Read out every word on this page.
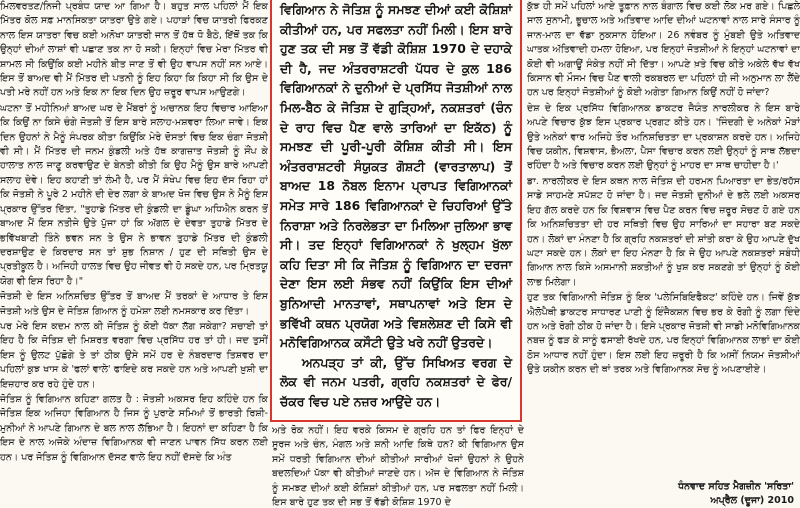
ਮਿਲਵਰਤਣ/ਨਿਜੀ ਪ੍ਰਬੰਧ ਯਾਦ ਆ ਗਿਆ ਹੈ। ਬਹੁਤ ਸਾਲ ਪਹਿਲਾਂ ਮੈਂ ਇਕ ਮਿੱਤਰ ਕੋਲ ਸਫ਼ ਮਾਨਸਿਕਤਾ ਯਾਤਰਾ ਉਤੇ ਗਏ। ਪਹਾੜਾਂ ਵਿਚ ਯਾਤਰੀ ਫਿਰਕਣ ਨਾਲ ਇਸ ਯਾਤਰਾ ਵਿਚ ਕਈ ਅਨੋਖਾ ਯਾਤਰੀ ਜਾਨ ਤੋਂ ਹੱਥ ਧੋ ਬੈਠੇ, ਇੱਥੋਂ ਤਕ ਕਿ ਉਨ੍ਹਾਂ ਦੀਆਂ ਲਾਸ਼ਾਂ ਵੀ ਪਛਾਣ ਤਕ ਨਾ ਹੋ ਸਕੀ। ਇਨ੍ਹਾਂ ਵਿਚ ਮੇਰਾ ਮਿੱਤਰ ਵੀ ਸ਼ਾਮਲ ਸੀ ਕਿਉਂਕਿ ਕਈ ਮਹੀਨੇ ਬੀਤ ਜਾਣ ਤੋਂ ਵੀ ਉਹ ਵਾਪਸ ਨਹੀਂ ਸਨ ਆਏ। ਇਸ ਤੋਂ ਬਾਅਦ ਵੀ ਮੈਂ ਮਿੱਤਰ ਦੀ ਪਤਨੀ ਨੂੰ ਇਹ ਕਿਹਾ ਕਿ ਕਿਹਾ ਸੀ ਕਿ ਉਸ ਦੇ ਪਤੀ ਮਰੇ ਨਹੀਂ ਹਨ ਅਤੇ ਇਕ ਨਾ ਇਕ ਦਿਨ ਉਹ ਜ਼ਰੂਰ ਵਾਪਸ ਆਉਣਗੇ।

ਘਟਨਾ ਤੋਂ ਮਹੀਨਿਆਂ ਬਾਅਦ ਘਰ ਦੇ ਮੈਂਬਰਾਂ ਨੂੰ ਅਚਾਨਕ ਇਹ ਵਿਚਾਰ ਆਇਆ ਕਿ ਕਿਉਂ ਨਾ ਕਿਸੇ ਚੰਗੇ ਜੋਤਸ਼ੀ ਤੋਂ ਇਸ ਬਾਰੇ ਸਲਾਹ-ਮਸ਼ਵਰਾ ਲਿਆ ਜਾਵੇ। ਇਕ ਦਿਨ ਉਹਨਾਂ ਨੇ ਮੈਨੂੰ ਸੰਪਰਕ ਕੀਤਾ ਕਿਉਂਕਿ ਮੇਰੇ ਦੋਸਤਾਂ ਵਿਚ ਇਕ ਚੰਗਾ ਜੋਤਸ਼ੀ ਵੀ ਸੀ। ਮੈਂ ਮਿੱਤਰ ਦੀ ਜਨਮ ਕੁੰਡਲੀ ਅਤੇ ਹੱਥ ਕਾਗਜ਼ਾਤ ਜੋਤਸ਼ੀ ਨੂੰ ਸੌਂਪ ਕੇ ਹਾਲਾਤ ਨਾਲ ਜਾਣੂ ਕਰਵਾਉਣ ਦੇ ਬੇਨਤੀ ਕੀਤੀ ਕਿ ਉਹ ਮੈਨੂੰ ਉਸ ਬਾਰੇ ਆਪਣੀ ਸਲਾਹ ਦੇਵੇ। ਇਹ ਕਹਾਣੀ ਤਾਂ ਲੰਮੀ ਹੈ, ਪਰ ਮੈਂ ਸੰਖੇਪ ਵਿਚ ਇਹ ਦੱਸ ਰਿਹਾ ਹਾਂ ਕਿ ਜੋਤਸ਼ੀ ਨੇ ਪੂਰੇ 2 ਮਹੀਨੇ ਦੀ ਦੇਰ ਲਗਾ ਕੇ ਬਾਅਦ ਖੋਜ ਵਿਚ ਉਸ ਨੇ ਮੈਨੂੰ ਇਸ ਪ੍ਰਕਾਰ ਉੱਤਰ ਦਿੱਤਾ, "ਤੁਹਾਡੇ ਮਿੱਤਰ ਦੀ ਕੁੰਡਲੀ ਦਾ ਡੂੰਘਾ ਅਧਿਐਨ ਕਰਨ ਤੋਂ ਬਾਅਦ ਮੈਂ ਇਸ ਨਤੀਜੇ ਉਤੇ ਪੁੱਜਾ ਹਾਂ ਕਿ ਅੱਗਲ ਦੇ ਦੇਵਤਾ ਤੁਹਾਡੇ ਮਿੱਤਰ ਦੇ ਭਵਿੱਖਬਾਣੀ ਤਿੰਨੇ ਭਵਨ ਸਨ ਤੇ ਉਸ ਨੇ ਭਾਵਨ ਤੁਹਾਡੇ ਮਿੱਤਰ ਦੀ ਕੁੰਡਲੀ ਦਰਸ਼ਾਉਣ ਦੇ ਕਿਰਦਾਰ ਸਨ ਤਾਂ ਸ਼ੁਭ ਨਿਸ਼ਾਨ / ਹੁਣ ਦੀ ਸਥਿਤੀ ਉਸ ਦੇ ਪ੍ਰਤੀਕੂਲ ਹੈ। ਅਜਿਹੀ ਹਾਲਤ ਵਿਚ ਉਹ ਜੀਵਤ ਵੀ ਹੋ ਸਕਦੇ ਹਨ, ਪਰ ਮ੍ਰਿਤਯੂ ਯੋਗ ਵੀ ਇਸ ਰਿਹਾ ਹੈ।"

ਜੋਤਸ਼ੀ ਦੇ ਇਸ ਅਨਿਸ਼ਚਿਤ ਉੱਤਰ ਤੋਂ ਬਾਅਦ ਮੈਂ ਤਰਕਾਂ ਦੇ ਆਧਾਰ ਤੇ ਇਸ ਜੋਤਸ਼ੀ ਅਤੇ ਉਸ ਦੇ ਜੋਤਿਸ਼ ਗਿਆਨ ਨੂੰ ਹਮੇਸ਼ਾ ਲਈ ਨਮਸਕਾਰ ਕਰ ਦਿੱਤਾ।

ਪਰ ਮੇਰੇ ਇਸ ਕਦਮ ਨਾਲ ਕੀ ਜੋਤਿਸ਼ ਨੂੰ ਕੋਈ ਧੱਕਾ ਲੱਗ ਸਕੇਗਾ? ਸਚਾਈ ਤਾਂ ਇਹ ਹੈ ਕਿ ਜੋਤਿਸ਼ ਦੀ ਮਿਸ਼ਰਤ ਵਰਗਾ ਵਿਚ ਪ੍ਰਸਿੱਧ ਹਰ ਤਾਂ ਹੀ। ਜਦ ਤੁਸੀਂ ਇਸ ਨੂੰ ਉਲਟ ਪੁੱਛੋਗੇ ਤੇ ਤਾਂ ਠੀਕ ਉਸੇ ਸਮੇਂ ਹਰ ਦੇ ਨੰਬਰਦਾਰ ਤਿਸ਼ਵਰ ਦਾ ਪਹਿਲਾਂ ਕੁਝ ਖਾਸ ਕੇ 'ਫਲਾਂ ਵਾਲੇ' ਫਾਇਦੇ ਕਰ ਸਕਦੇ ਹਨ ਅਤੇ ਆਪਣੀ ਖ਼ੁਸ਼ੀ ਦਾ ਇਜ਼ਹਾਰ ਕਰ ਰਹੇ ਹੁੰਦੇ ਹਨ।

ਜੋਤਿਸ਼ ਨੂੰ ਵਿਗਿਆਨ ਕਹਿਣਾ ਗਲਤ ਹੈ : ਜੋਤਸ਼ੀ ਅਕਸਰ ਇਹ ਕਹਿੰਦੇ ਹਨ ਕਿ ਜੋਤਿਸ਼ ਇਕ ਅਜਿਹਾ ਵਿਗਿਆਨ ਹੈ ਜਿਸ ਨੂੰ ਪੁਰਾਣੇ ਸਮਿਆਂ ਤੋਂ ਭਾਰਤੀ ਰਿਸ਼ੀ-ਮੁਨੀਆਂ ਨੇ ਆਪਣੇ ਗਿਆਨ ਦੇ ਬਲ ਨਾਲ ਲੱਭਿਆ ਹੈ। ਇਹਨਾਂ ਦਾ ਕਹਿਣਾ ਹੈ ਕਿ ਇਸ ਦੇ ਨਾਲ ਅਜੋਕੇ ਅੰਦਾਜ਼ ਵਿਗਿਆਨਕ ਵੀ ਜਾਣਨ ਪਾਵਨ ਸਿੱਧ ਕਰਨ ਲਈ ਹਨ। ਪਰ ਜੋਤਿਸ਼ ਨੂੰ ਵਿਗਿਆਨ ਦੱਸਣ ਵਾਲੇ ਇਹ ਨਹੀਂ ਦੱਸਦੇ ਕਿ ਅੰਤ

ਵਿਗਿਆਨ ਨੇ ਜੋਤਿਸ਼ ਨੂੰ ਸਮਝਣ ਦੀਆਂ ਕਈ ਕੋਸ਼ਿਸ਼ਾਂ ਕੀਤੀਆਂ ਹਨ, ਪਰ ਸਫਲਤਾ ਨਹੀਂ ਮਿਲੀ। ਇਸ ਬਾਰੇ ਹੁਣ ਤਕ ਦੀ ਸਭ ਤੋਂ ਵੱਡੀ ਕੋਸ਼ਿਸ਼ 1970 ਦੇ ਦਹਾਕੇ ਦੀ ਹੈ, ਜਦ ਅੰਤਰਰਾਸ਼ਟਰੀ ਪੱਧਰ ਦੇ ਕੁਲ 186 ਵਿਗਿਆਨਕਾਂ ਨੇ ਦੁਨੀਆਂ ਦੇ ਪ੍ਰਸਿੱਧ ਜੋਤਸ਼ੀਆਂ ਨਾਲ ਮਿਲ-ਬੈਠ ਕੇ ਜੋਤਿਸ਼ ਦੇ ਗੁੜ੍ਹਿਆਂ, ਨਕਸ਼ਤਰਾਂ (ਚੰਨ ਦੇ ਰਾਹ ਵਿਚ ਪੈਣ ਵਾਲੇ ਤਾਰਿਆਂ ਦਾ ਇਕੱਠ) ਨੂੰ ਸਮਝਣ ਦੀ ਪੂਰੀ-ਪੂਰੀ ਕੋਸ਼ਿਸ਼ ਕੀਤੀ ਸੀ। ਇਸ ਅੰਤਰਰਾਸ਼ਟਰੀ ਸੰਯੁਕਤ ਗੋਸ਼ਟੀ (ਵਾਰਤਾਲਾਪ) ਤੋਂ ਬਾਅਦ 18 ਨੋਬਲ ਇਨਾਮ ਪ੍ਰਾਪਤ ਵਿਗਿਆਨਕਾਂ ਸਮੇਤ ਸਾਰੇ 186 ਵਿਗਿਆਨਕਾਂ ਦੇ ਚਿਹਰਿਆਂ ਉੱਤੇ ਨਿਰਾਸ਼ਾ ਅਤੇ ਨਿਰਲੇਭਤਾ ਦਾ ਮਿਲਿਆ ਜੁਲਿਆ ਭਾਵ ਸੀ। ਤਦ ਇਨ੍ਹਾਂ ਵਿਗਿਆਨਕਾਂ ਨੇ ਖੁਲ੍ਹਮ ਖੁੱਲਾ ਕਹਿ ਦਿਤਾ ਸੀ ਕਿ ਜੋਤਿਸ਼ ਨੂੰ ਵਿਗਿਆਨ ਦਾ ਦਰਜਾ ਦੇਣਾ ਇਸ ਲਈ ਸੰਭਵ ਨਹੀਂ ਕਿਉਂਕਿ ਇਸ ਦੀਆਂ ਬੁਨਿਆਦੀ ਮਾਨਤਾਵਾਂ, ਸਥਾਪਨਾਵਾਂ ਅਤੇ ਇਸ ਦੇ ਭਵਿੱਖੀ ਕਥਨ ਪ੍ਰਯੋਗ ਅਤੇ ਵਿਸ਼ਲੇਸ਼ਣ ਦੀ ਕਿਸੇ ਵੀ ਮਨੋਵਿਗਿਆਨਕ ਕਸੌਟੀ ਉਤੇ ਖਰੇ ਨਹੀਂ ਉਤਰਦੇ।

ਅਨਪੜ੍ਹ ਤਾਂ ਕੀ, ਉੱਚ ਸਿਖਿਅਤ ਵਰਗ ਦੇ ਲੋਕ ਵੀ ਜਨਮ ਪਤਰੀ, ਗ੍ਰਹਿ ਨਕਸ਼ਤਰਾਂ ਦੇ ਫੇਰ/ਚੱਕਰ ਵਿਚ ਪਏ ਨਜ਼ਰ ਆਉਂਦੇ ਹਨ।

ਅਤੇ ਰੋਕ ਨਹੀਂ। ਇਹ ਵਰਕੇ ਕਿਸਮ ਦੇ ਗ੍ਰਹਿ ਹਨ ਤਾਂ ਫਿਰ ਇਨ੍ਹਾਂ ਦੇ ਸੂਰਜ ਅਤੇ ਚੰਨ, ਮੰਗਲ ਅਤੇ ਸ਼ਨੀ ਆਦਿ ਕਿਥੇ ਹਨ? ਕੀ ਵਿਗਿਆਨ ਉਸ ਸਮੇਂ ਧਰਤੀ ਵਿਗਿਆਨ ਦੀਆਂ ਕੀਤੀਆਂ ਸਾਰੀਆਂ ਖੋਜਾਂ ਉਹਨਾਂ ਨੇ ਉਹਨੇ ਬਦਲਦਿਆਂ ਪੱਕਾ ਵੀ ਕੀਤੀਆਂ ਜਾਣਦੇ ਹਨ। ਅੱਜ ਦੇ ਵਿਗਿਆਨ ਨੇ ਜੋਤਿਸ਼ ਨੂੰ ਸਮਝਣ ਦੀਆਂ ਕਈ ਕੋਸ਼ਿਸ਼ਾਂ ਕੀਤੀਆਂ ਹਨ, ਪਰ ਸਫਲਤਾ ਨਹੀਂ ਮਿਲੀ। ਇਸ ਬਾਰੇ ਹੁਣ ਤਕ ਦੀ ਸਭ ਤੋਂ ਵੱਡੀ ਕੋਸ਼ਿਸ਼ 1970 ਦੇ

ਕੁੱਝ ਹੀ ਸਮੇਂ ਪਹਿਲਾਂ ਆਏ ਤੂਫ਼ਾਨ ਨਾਲ ਬੰਗਾਲ ਵਿਚ ਕਈ ਲੋਕ ਮਰ ਗਏ। ਪਿਛਲੇ ਸਾਲ ਸੁਨਾਮੀ, ਭੂਚਾਲ ਅਤੇ ਅਤਿਵਾਦ ਆਦਿ ਦੀਆਂ ਘਟਨਾਵਾਂ ਨਾਲ ਸਾਰੇ ਸੰਸਾਰ ਨੂੰ ਜਾਨ-ਮਾਲ ਦਾ ਵੱਡਾ ਨੁਕਸਾਨ ਹੋਇਆ। 26 ਨਵੰਬਰ ਨੂੰ ਮੁੰਬਈ ਉਤੇ ਅਤਿਵਾਦ ਘਾਤਕ ਅੱਤਿਵਾਦੀ ਹਮਲਾ ਹੋਇਆ, ਪਰ ਇਨ੍ਹਾਂ ਜੋਤਸ਼ੀਆਂ ਨੇ ਇਨ੍ਹਾਂ ਘਟਨਾਵਾਂ ਦਾ ਕੋਈ ਵੀ ਅਗਾਊਂ ਸੰਕੇਤ ਨਹੀਂ ਸੀ ਦਿੱਤਾ। ਆਪਣੇ ਖ਼ਤੇ ਵਿਚ ਕੀਤੇ ਅਕੇਲੇ ਵੱਖ ਵੱਖ ਕਿਸਾਨ ਵੀ ਮੌਸਮ ਵਿਚ ਪੈਣ ਵਾਲੀ ਰਕਬਰਲ ਦਾ ਪਹਿਲਾਂ ਹੀ ਜੀ ਅਨੁਮਾਨ ਲਾ ਲੈਂਦੇ ਹਨ ਪਰ ਇਨ੍ਹਾਂ ਜੋਤਸ਼ੀਆਂ ਨੂੰ ਕੋਈ ਅਗੇਤਾ ਗਿਆਨ ਕਿਉਂ ਨਹੀਂ ਹੋ ਜਾਂਦਾ?

ਦੇਸ਼ ਦੇ ਇਕ ਪ੍ਰਸਿੱਧ ਵਿਗਿਆਨਕ ਡਾਕਟਰ ਜੈਯੰਤ ਨਾਰਲੀਕਰ ਨੇ ਇਸ ਬਾਰੇ ਅਪਣੇ ਵਿਚਾਰ ਕੁੱਝ ਇਸ ਪ੍ਰਕਾਰ ਪ੍ਰਗਟ ਕੀਤੇ ਹਨ। 'ਜਿੰਦਗੀ ਦੇ ਅਨੇਕਾਂ ਮੋੜਾਂ ਉਤੇ ਅਨੇਕਾਂ ਵਾਰ ਅਜਿਹੇ ਤੌਰ ਅਨਿਸ਼ਚਿਤਤਾ ਦਾ ਪ੍ਰਕਾਸ਼ਨ ਕਰਦੇ ਹਨ। ਅਜਿਹੇ ਵਿਚ ਯਕੀਨ, ਵਿਸ਼ਵਾਸ, ਭੈਅਲਾ, ਪੈਸਾ ਵਿਚਾਰ ਕਰਨ ਲਈ ਉਨ੍ਹਾਂ ਨੂੰ ਸਾਥ ਲੱਭਦਾ ਰਹਿੰਦਾ ਹੈ ਅਤੇ ਵਿਚਾਰ ਕਰਨ ਲਈ ਉਨ੍ਹਾਂ ਨੂੰ ਮਾਹਰ ਦਾ ਸਾਥ ਚਾਹੀਦਾ ਹੈ।'

ਡਾ. ਨਾਰਲੀਕਰ ਦੇ ਇਸ ਕਥਨ ਨਾਲ ਜੋਤਿਸ਼ ਦੀ ਹਰਮਨ ਪਿਆਰਤਾ ਦਾ ਭੇਤ/ਰਹੱਸ ਸਾਡੇ ਸਾਹਮਣੇ ਸਪੱਸ਼ਟ ਹੋ ਜਾਂਦਾ ਹੈ। ਜਦ ਜੋਤਸ਼ੀ ਦੁਨੀਆਂ ਦੇ ਭਲੇ ਲਈ ਅਕਸਰ ਇਹ ਗੱਲ ਕਰਦੇ ਹਨ ਕਿ ਵਿਸ਼ਵਾਸ ਵਿਚ ਪੈਣ ਕਰਨ ਵਿਚ ਜ਼ਰੂਰ ਸੋਚਣ ਹੋ ਗਏ ਹਨ ਕਿ ਅਨਿਸ਼ਚਿਤਤਾ ਦੀ ਹਰ ਸਥਿਤੀ ਵਿਚ ਉਹ ਸਾਰਿਆਂ ਦਾ ਸਹਾਰਾ ਬਣ ਸਕਦੇ ਹਨ। ਲੋਕਾਂ ਦਾ ਮੰਨਣਾ ਹੈ ਕਿ ਗ੍ਰਹਿ ਨਕਸ਼ਤਰਾਂ ਦੀ ਸ਼ਾਂਤੀ ਕਰਾ ਕੇ ਉਹ ਆਪਣੇ ਦੁੱਖ ਘਟਾ ਸਕਦੇ ਹਨ। ਲੋਕਾਂ ਦਾ ਇਹ ਮੰਨਣਾ ਹੈ ਕਿ ਜੇ ਉਹ ਆਪਣੇ ਨਕਸ਼ਤਰਾਂ ਸਬੰਧੀ ਗਿਆਨ ਨਾਲ ਕਿਸੇ ਅਸਮਾਨੀ ਸ਼ਕਤੀਆਂ ਨੂੰ ਖੁਸ਼ ਕਰ ਸਕਣਗੇ ਤਾਂ ਉਨ੍ਹਾਂ ਨੂੰ ਕੋਈ ਲਾਭ ਮਿਲੇਗਾ।

ਹੁਣ ਤਕ ਵਿਗਿਆਨੀ ਜੋਤਿਸ਼ ਨੂੰ ਇਕ 'ਪਲੇਸਿਬਿਇਫੈਕਟ' ਕਹਿੰਦੇ ਹਨ। ਜਿਵੇਂ ਕੁੱਝ ਐਲੋਪੈਥੀ ਡਾਕਟਰ ਸਾਧਾਰਣ ਪਾਣੀ ਨੂੰ ਇੰਜੈਕਸ਼ਨ ਵਿਚ ਭਰ ਕੇ ਰੋਗੀ ਨੂੰ ਲਗਾ ਦਿੰਦੇ ਹਨ ਅਤੇ ਰੋਗੀ ਠੀਕ ਹੋ ਜਾਂਦਾ ਹੈ। ਇਸੇ ਪ੍ਰਕਾਰ ਜੋਤਸ਼ੀ ਵੀ ਸਾਡੀ ਮਨੋਵਿਗਿਆਨਕ ਨਬਜ਼ ਨੂੰ ਫੜ ਕੇ ਸਾਨੂੰ ਫਸਾਈ ਰੱਖਦੇ ਹਨ, ਪਰ ਇਨ੍ਹਾਂ ਵਿਗਿਆਨਕ ਲਾਭਾਂ ਦਾ ਕੋਈ ਠੋਸ ਆਧਾਰ ਨਹੀਂ ਹੁੰਦਾ। ਇਸ ਲਈ ਇਹ ਜ਼ਰੂਰੀ ਹੈ ਕਿ ਅਸੀਂ ਨਿਯਮ ਜੋਤਸ਼ੀਆਂ ਉਤੇ ਯਕੀਨ ਕਰਨ ਦੀ ਥਾਂ ਤਰਕ ਅਤੇ ਵਿਗਿਆਨਕ ਸੋਚ ਨੂੰ ਅਪਣਾਈਏ।

ਧੰਨਵਾਦ ਸਹਿਤ ਮੈਗਜ਼ੀਨ 'ਸਰਿਤਾ'
ਅਪ੍ਰੈਲ (ਦੂਜਾ) 2010
